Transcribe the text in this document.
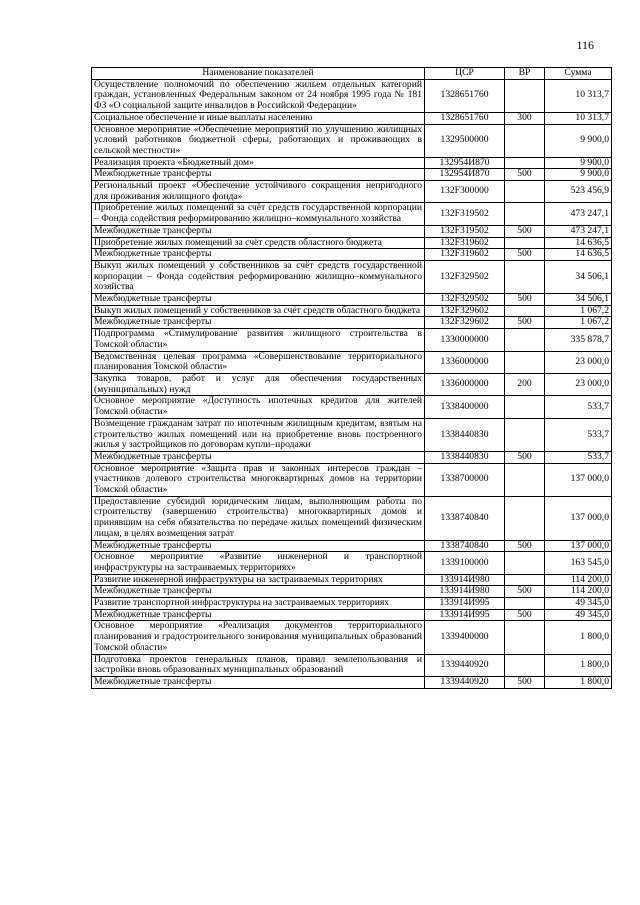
116
Наименование показателей	ЦСР	ВР	Сумма
Осуществление полномочий по обеспечению жильем отдельных категорий граждан, установленных Федеральным законом от 24 ноября 1995 года № 181 ФЗ «О социальной защите инвалидов в Российской Федерации»	1328651760		10 313,7
Социальное обеспечение и иные выплаты населению	1328651760	300	10 313,7
Основное мероприятие «Обеспечение мероприятий по улучшению жилищных условий работников бюджетной сферы, работающих и проживающих в сельской местности»	1329500000		9 900,0
Реализация проекта «Бюджетный дом»	132954И870		9 900,0
Межбюджетные трансферты	132954И870	500	9 900,0
Региональный проект «Обеспечение устойчивого сокращения непригодного для проживания жилищного фонда»	132F300000		523 456,9
Приобретение жилых помещений за счёт средств государственной корпорации – Фонда содействия реформированию жилищно–коммунального хозяйства	132F319502		473 247,1
Межбюджетные трансферты	132F319502	500	473 247,1
Приобретение жилых помещений за счёт средств областного бюджета	132F319602		14 636,5
Межбюджетные трансферты	132F319602	500	14 636,5
Выкуп жилых помещений у собственников за счёт средств государственной корпорации – Фонда содействия реформированию жилищно–коммунального хозяйства	132F329502		34 506,1
Межбюджетные трансферты	132F329502	500	34 506,1
Выкуп жилых помещений у собственников за счёт средств областного бюджета	132F329602		1 067,2
Межбюджетные трансферты	132F329602	500	1 067,2
Подпрограмма «Стимулирование развития жилищного строительства в Томской области»	1330000000		335 878,7
Ведомственная целевая программа «Совершенствование территориального планирования Томской области»	1336000000		23 000,0
Закупка товаров, работ и услуг для обеспечения государственных (муниципальных) нужд	1336000000	200	23 000,0
Основное мероприятие «Доступность ипотечных кредитов для жителей Томской области»	1338400000		533,7
Возмещение гражданам затрат по ипотечным жилищным кредитам, взятым на строительство жилых помещений или на приобретение вновь построенного жилья у застройщиков по договорам купли–продажи	1338440830		533,7
Межбюджетные трансферты	1338440830	500	533,7
Основное мероприятие «Защита прав и законных интересов граждан – участников долевого строительства многоквартирных домов на территории Томской области»	1338700000		137 000,0
Предоставление субсидий юридическим лицам, выполняющим работы по строительству (завершению строительства) многоквартирных домов и принявшим на себя обязательства по передаче жилых помещений физическим лицам, в целях возмещения затрат	1338740840		137 000,0
Межбюджетные трансферты	1338740840	500	137 000,0
Основное мероприятие «Развитие инженерной и транспортной инфраструктуры на застраиваемых территориях»	1339100000		163 545,0
Развитие инженерной инфраструктуры на застраиваемых территориях	133914И980		114 200,0
Межбюджетные трансферты	133914И980	500	114 200,0
Развитие транспортной инфраструктуры на застраиваемых территориях	133914И995		49 345,0
Межбюджетные трансферты	133914И995	500	49 345,0
Основное мероприятие «Реализация документов территориального планирования и градостроительного зонирования муниципальных образований Томской области»	1339400000		1 800,0
Подготовка проектов генеральных планов, правил землепользования и застройки вновь образованных муниципальных образований	1339440920		1 800,0
Межбюджетные трансферты	1339440920	500	1 800,0
